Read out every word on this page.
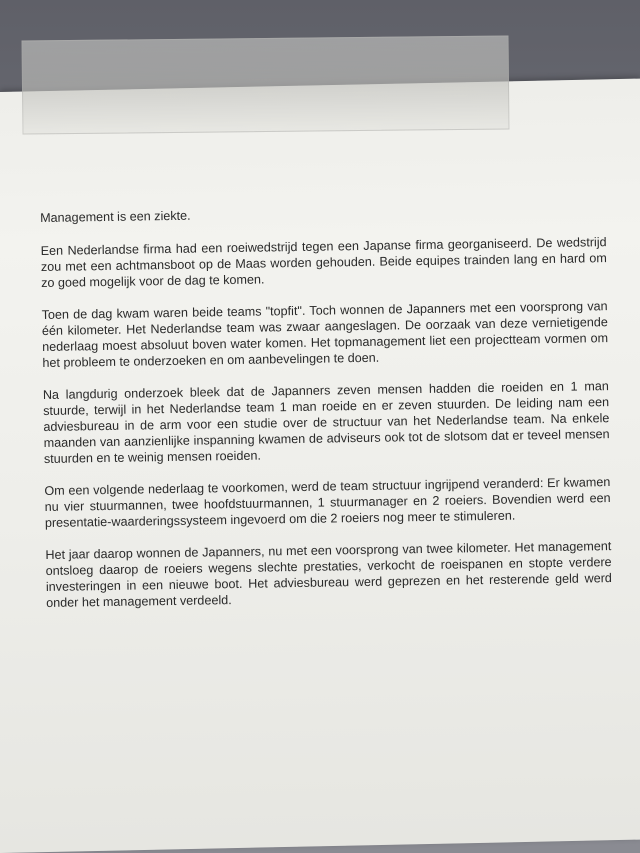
Management is een ziekte.

Een Nederlandse firma had een roeiwedstrijd tegen een Japanse firma georganiseerd. De wedstrijd zou met een achtmansboot op de Maas worden gehouden. Beide equipes trainden lang en hard om zo goed mogelijk voor de dag te komen.

Toen de dag kwam waren beide teams "topfit". Toch wonnen de Japanners met een voorsprong van één kilometer. Het Nederlandse team was zwaar aangeslagen. De oorzaak van deze vernietigende nederlaag moest absoluut boven water komen. Het topmanagement liet een projectteam vormen om het probleem te onderzoeken en om aanbevelingen te doen.

Na langdurig onderzoek bleek dat de Japanners zeven mensen hadden die roeiden en 1 man stuurde, terwijl in het Nederlandse team 1 man roeide en er zeven stuurden. De leiding nam een adviesbureau in de arm voor een studie over de structuur van het Nederlandse team. Na enkele maanden van aanzienlijke inspanning kwamen de adviseurs ook tot de slotsom dat er teveel mensen stuurden en te weinig mensen roeiden.

Om een volgende nederlaag te voorkomen, werd de team structuur ingrijpend veranderd: Er kwamen nu vier stuurmannen, twee hoofdstuurmannen, 1 stuurmanager en 2 roeiers. Bovendien werd een presentatie-waarderingssysteem ingevoerd om die 2 roeiers nog meer te stimuleren.

Het jaar daarop wonnen de Japanners, nu met een voorsprong van twee kilometer. Het management ontsloeg daarop de roeiers wegens slechte prestaties, verkocht de roeispanen en stopte verdere investeringen in een nieuwe boot. Het adviesbureau werd geprezen en het resterende geld werd onder het management verdeeld.
